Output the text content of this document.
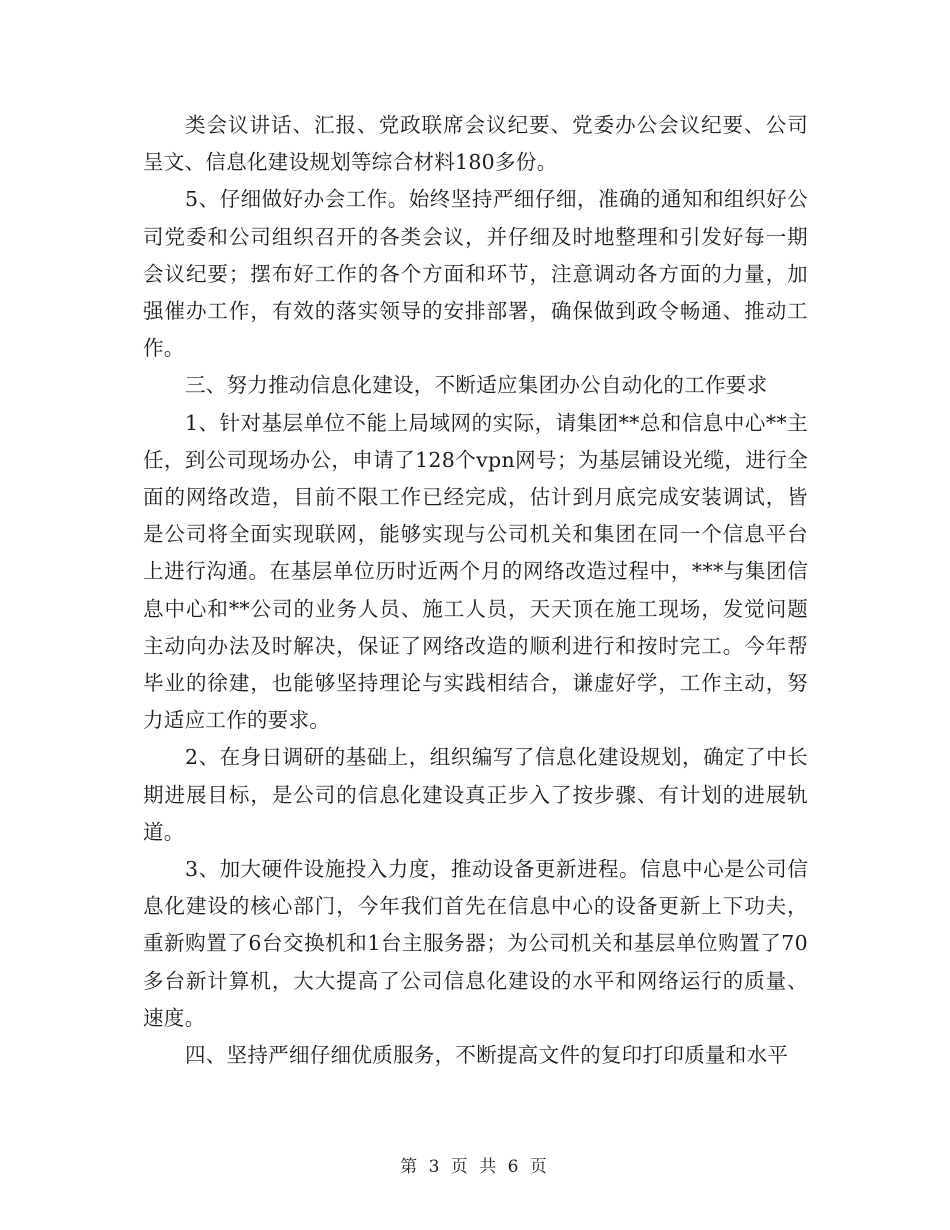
类会议讲话、汇报、党政联席会议纪要、党委办公会议纪要、公司呈文、信息化建设规划等综合材料180多份。

5、仔细做好办会工作。始终坚持严细仔细，准确的通知和组织好公司党委和公司组织召开的各类会议，并仔细及时地整理和引发好每一期会议纪要；摆布好工作的各个方面和环节，注意调动各方面的力量，加强催办工作，有效的落实领导的安排部署，确保做到政令畅通、推动工作。

三、努力推动信息化建设，不断适应集团办公自动化的工作要求

1、针对基层单位不能上局域网的实际，请集团**总和信息中心**主任，到公司现场办公，申请了128个vpn网号；为基层铺设光缆，进行全面的网络改造，目前不限工作已经完成，估计到月底完成安装调试，皆是公司将全面实现联网，能够实现与公司机关和集团在同一个信息平台上进行沟通。在基层单位历时近两个月的网络改造过程中，***与集团信息中心和**公司的业务人员、施工人员，天天顶在施工现场，发觉问题主动向办法及时解决，保证了网络改造的顺利进行和按时完工。今年帮毕业的徐建，也能够坚持理论与实践相结合，谦虚好学，工作主动，努力适应工作的要求。

2、在身日调研的基础上，组织编写了信息化建设规划，确定了中长期进展目标，是公司的信息化建设真正步入了按步骤、有计划的进展轨道。

3、加大硬件设施投入力度，推动设备更新进程。信息中心是公司信息化建设的核心部门，今年我们首先在信息中心的设备更新上下功夫，重新购置了6台交换机和1台主服务器；为公司机关和基层单位购置了70多台新计算机，大大提高了公司信息化建设的水平和网络运行的质量、速度。

四、坚持严细仔细优质服务，不断提高文件的复印打印质量和水平

第 3 页 共 6 页
